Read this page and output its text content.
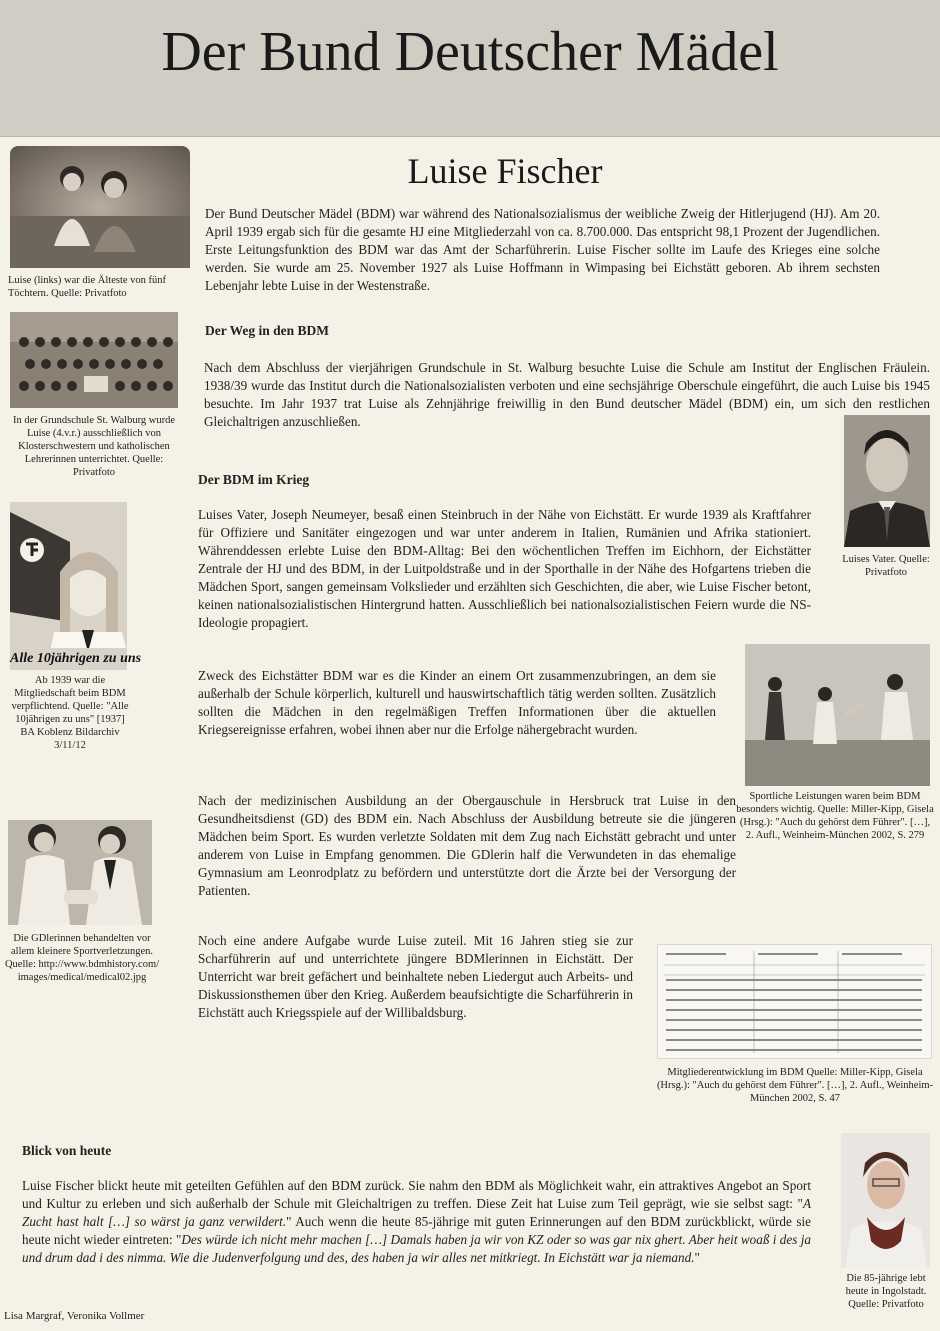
Der Bund Deutscher Mädel
Luise Fischer
Luise (links) war die Älteste von fünf Töchtern. Quelle: Privatfoto
In der Grundschule St. Walburg wurde Luise (4.v.r.) ausschließlich von Klosterschwestern und katholischen Lehrerinnen unterrichtet. Quelle: Privatfoto
Alle 10jährigen zu uns
Ab 1939 war die Mitgliedschaft beim BDM verpflichtend. Quelle: "Alle 10jährigen zu uns" [1937] BA Koblenz Bildarchiv 3/11/12
Die GDlerinnen behandelten vor allem kleinere Sportverletzungen. Quelle: http://www.bdmhistory.com/ images/medical/medical02.jpg
Der Bund Deutscher Mädel (BDM) war während des Nationalsozialismus der weibliche Zweig der Hitlerjugend (HJ). Am 20. April 1939 ergab sich für die gesamte HJ eine Mitgliederzahl von ca. 8.700.000. Das entspricht 98,1 Prozent der Jugendlichen. Erste Leitungsfunktion des BDM war das Amt der Scharführerin. Luise Fischer sollte im Laufe des Krieges eine solche werden. Sie wurde am 25. November 1927 als Luise Hoffmann in Wimpasing bei Eichstätt geboren. Ab ihrem sechsten Lebenjahr lebte Luise in der Westenstraße.
Der Weg in den BDM
Nach dem Abschluss der vierjährigen Grundschule in St. Walburg besuchte Luise die Schule am Institut der Englischen Fräulein. 1938/39 wurde das Institut durch die Nationalsozialisten verboten und eine sechsjährige Oberschule eingeführt, die auch Luise bis 1945 besuchte. Im Jahr 1937 trat Luise als Zehnjährige freiwillig in den Bund deutscher Mädel (BDM) ein, um sich den restlichen Gleichaltrigen anzuschließen.
Luises Vater. Quelle: Privatfoto
Der BDM im Krieg
Luises Vater, Joseph Neumeyer, besaß einen Steinbruch in der Nähe von Eichstätt. Er wurde 1939 als Kraftfahrer für Offiziere und Sanitäter eingezogen und war unter anderem in Italien, Rumänien und Afrika stationiert. Währenddessen erlebte Luise den BDM-Alltag: Bei den wöchentlichen Treffen im Eichhorn, der Eichstätter Zentrale der HJ und des BDM, in der Luitpoldstraße und in der Sporthalle in der Nähe des Hofgartens trieben die Mädchen Sport, sangen gemeinsam Volkslieder und erzählten sich Geschichten, die aber, wie Luise Fischer betont, keinen nationalsozialistischen Hintergrund hatten. Ausschließlich bei nationalsozialistischen Feiern wurde die NS-Ideologie propagiert.
Zweck des Eichstätter BDM war es die Kinder an einem Ort zusammenzubringen, an dem sie außerhalb der Schule körperlich, kulturell und hauswirtschaftlich tätig werden sollten. Zusätzlich sollten die Mädchen in den regelmäßigen Treffen Informationen über die aktuellen Kriegsereignisse erfahren, wobei ihnen aber nur die Erfolge nähergebracht wurden.
Sportliche Leistungen waren beim BDM besonders wichtig. Quelle: Miller-Kipp, Gisela (Hrsg.): "Auch du gehörst dem Führer". […], 2. Aufl., Weinheim-München 2002, S. 279
Nach der medizinischen Ausbildung an der Obergauschule in Hersbruck trat Luise in den Gesundheitsdienst (GD) des BDM ein. Nach Abschluss der Ausbildung betreute sie die jüngeren Mädchen beim Sport. Es wurden verletzte Soldaten mit dem Zug nach Eichstätt gebracht und unter anderem von Luise in Empfang genommen. Die GDlerin half die Verwundeten in das ehemalige Gymnasium am Leonrodplatz zu befördern und unterstützte dort die Ärzte bei der Versorgung der Patienten.
Noch eine andere Aufgabe wurde Luise zuteil. Mit 16 Jahren stieg sie zur Scharführerin auf und unterrichtete jüngere BDMlerinnen in Eichstätt. Der Unterricht war breit gefächert und beinhaltete neben Liedergut auch Arbeits- und Diskussionsthemen über den Krieg. Außerdem beaufsichtigte die Scharführerin in Eichstätt auch Kriegsspiele auf der Willibaldsburg.
Mitgliederentwicklung im BDM Quelle: Miller-Kipp, Gisela (Hrsg.): "Auch du gehörst dem Führer". […], 2. Aufl., Weinheim-München 2002, S. 47
Blick von heute
Luise Fischer blickt heute mit geteilten Gefühlen auf den BDM zurück. Sie nahm den BDM als Möglichkeit wahr, ein attraktives Angebot an Sport und Kultur zu erleben und sich außerhalb der Schule mit Gleichaltrigen zu treffen. Diese Zeit hat Luise zum Teil geprägt, wie sie selbst sagt: "A Zucht hast halt […] so wärst ja ganz verwildert." Auch wenn die heute 85-jährige mit guten Erinnerungen auf den BDM zurückblickt, würde sie heute nicht wieder eintreten: "Des würde ich nicht mehr machen […] Damals haben ja wir von KZ oder so was gar nix ghert. Aber heit woaß i des ja und drum dad i des nimma. Wie die Judenverfolgung und des, des haben ja wir alles net mitkriegt. In Eichstätt war ja niemand."
Die 85-jährige lebt heute in Ingolstadt. Quelle: Privatfoto
Lisa Margraf, Veronika Vollmer
